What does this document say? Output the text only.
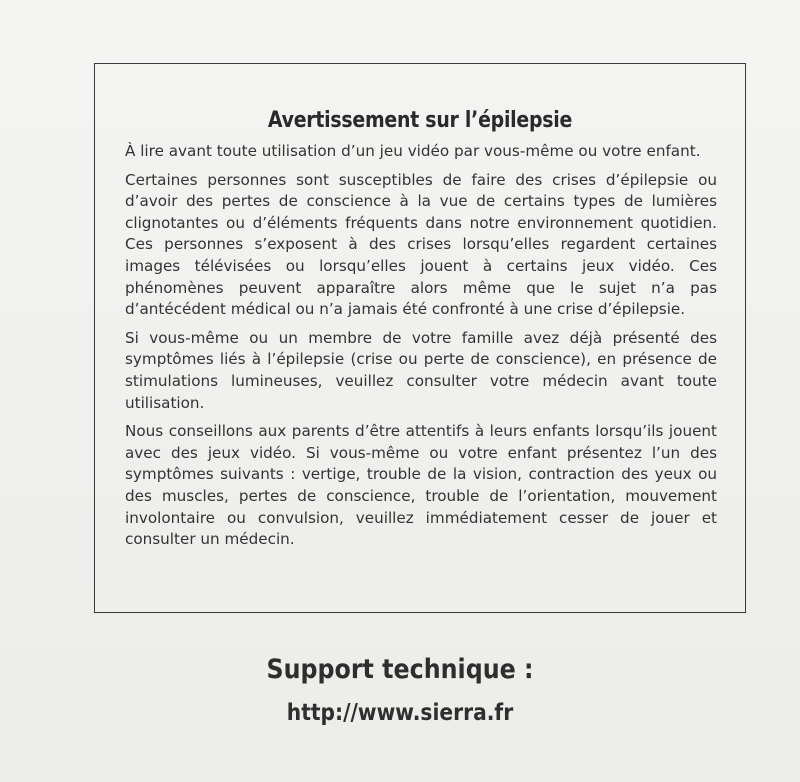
Avertissement sur l’épilepsie

À lire avant toute utilisation d’un jeu vidéo par vous-même ou votre enfant.

Certaines personnes sont susceptibles de faire des crises d’épilepsie ou d’avoir des pertes de conscience à la vue de certains types de lumières clignotantes ou d’éléments fréquents dans notre environnement quotidien. Ces personnes s’exposent à des crises lorsqu’elles regardent certaines images télévisées ou lorsqu’elles jouent à certains jeux vidéo. Ces phénomènes peuvent apparaître alors même que le sujet n’a pas d’antécédent médical ou n’a jamais été confronté à une crise d’épilepsie.

Si vous-même ou un membre de votre famille avez déjà présenté des symptômes liés à l’épilepsie (crise ou perte de conscience), en présence de stimulations lumineuses, veuillez consulter votre médecin avant toute utilisation.

Nous conseillons aux parents d’être attentifs à leurs enfants lorsqu’ils jouent avec des jeux vidéo. Si vous-même ou votre enfant présentez l’un des symptômes suivants : vertige, trouble de la vision, contraction des yeux ou des muscles, pertes de conscience, trouble de l’orientation, mouvement involontaire ou convulsion, veuillez immédiatement cesser de jouer et consulter un médecin.

Support technique :
http://www.sierra.fr
